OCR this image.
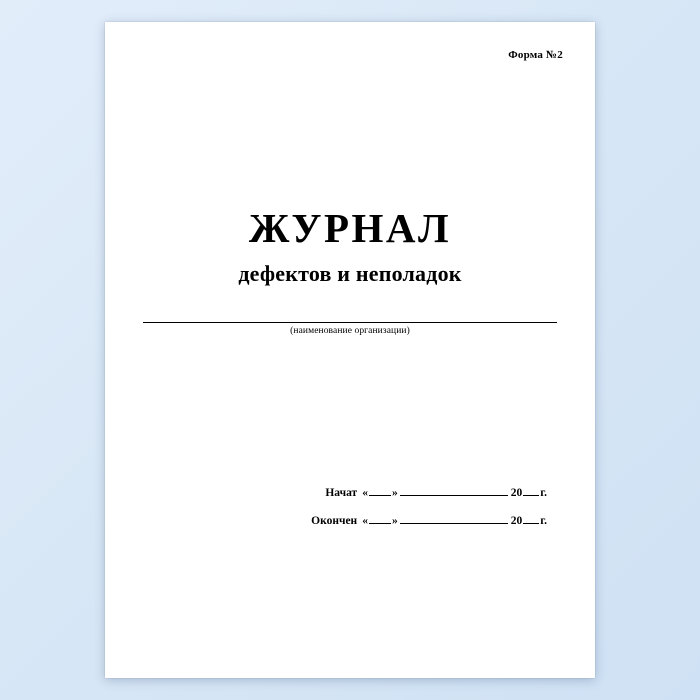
Форма №2
ЖУРНАЛ
дефектов и неполадок
(наименование организации)
Начат « »	20 г.
Окончен « »	20 г.
